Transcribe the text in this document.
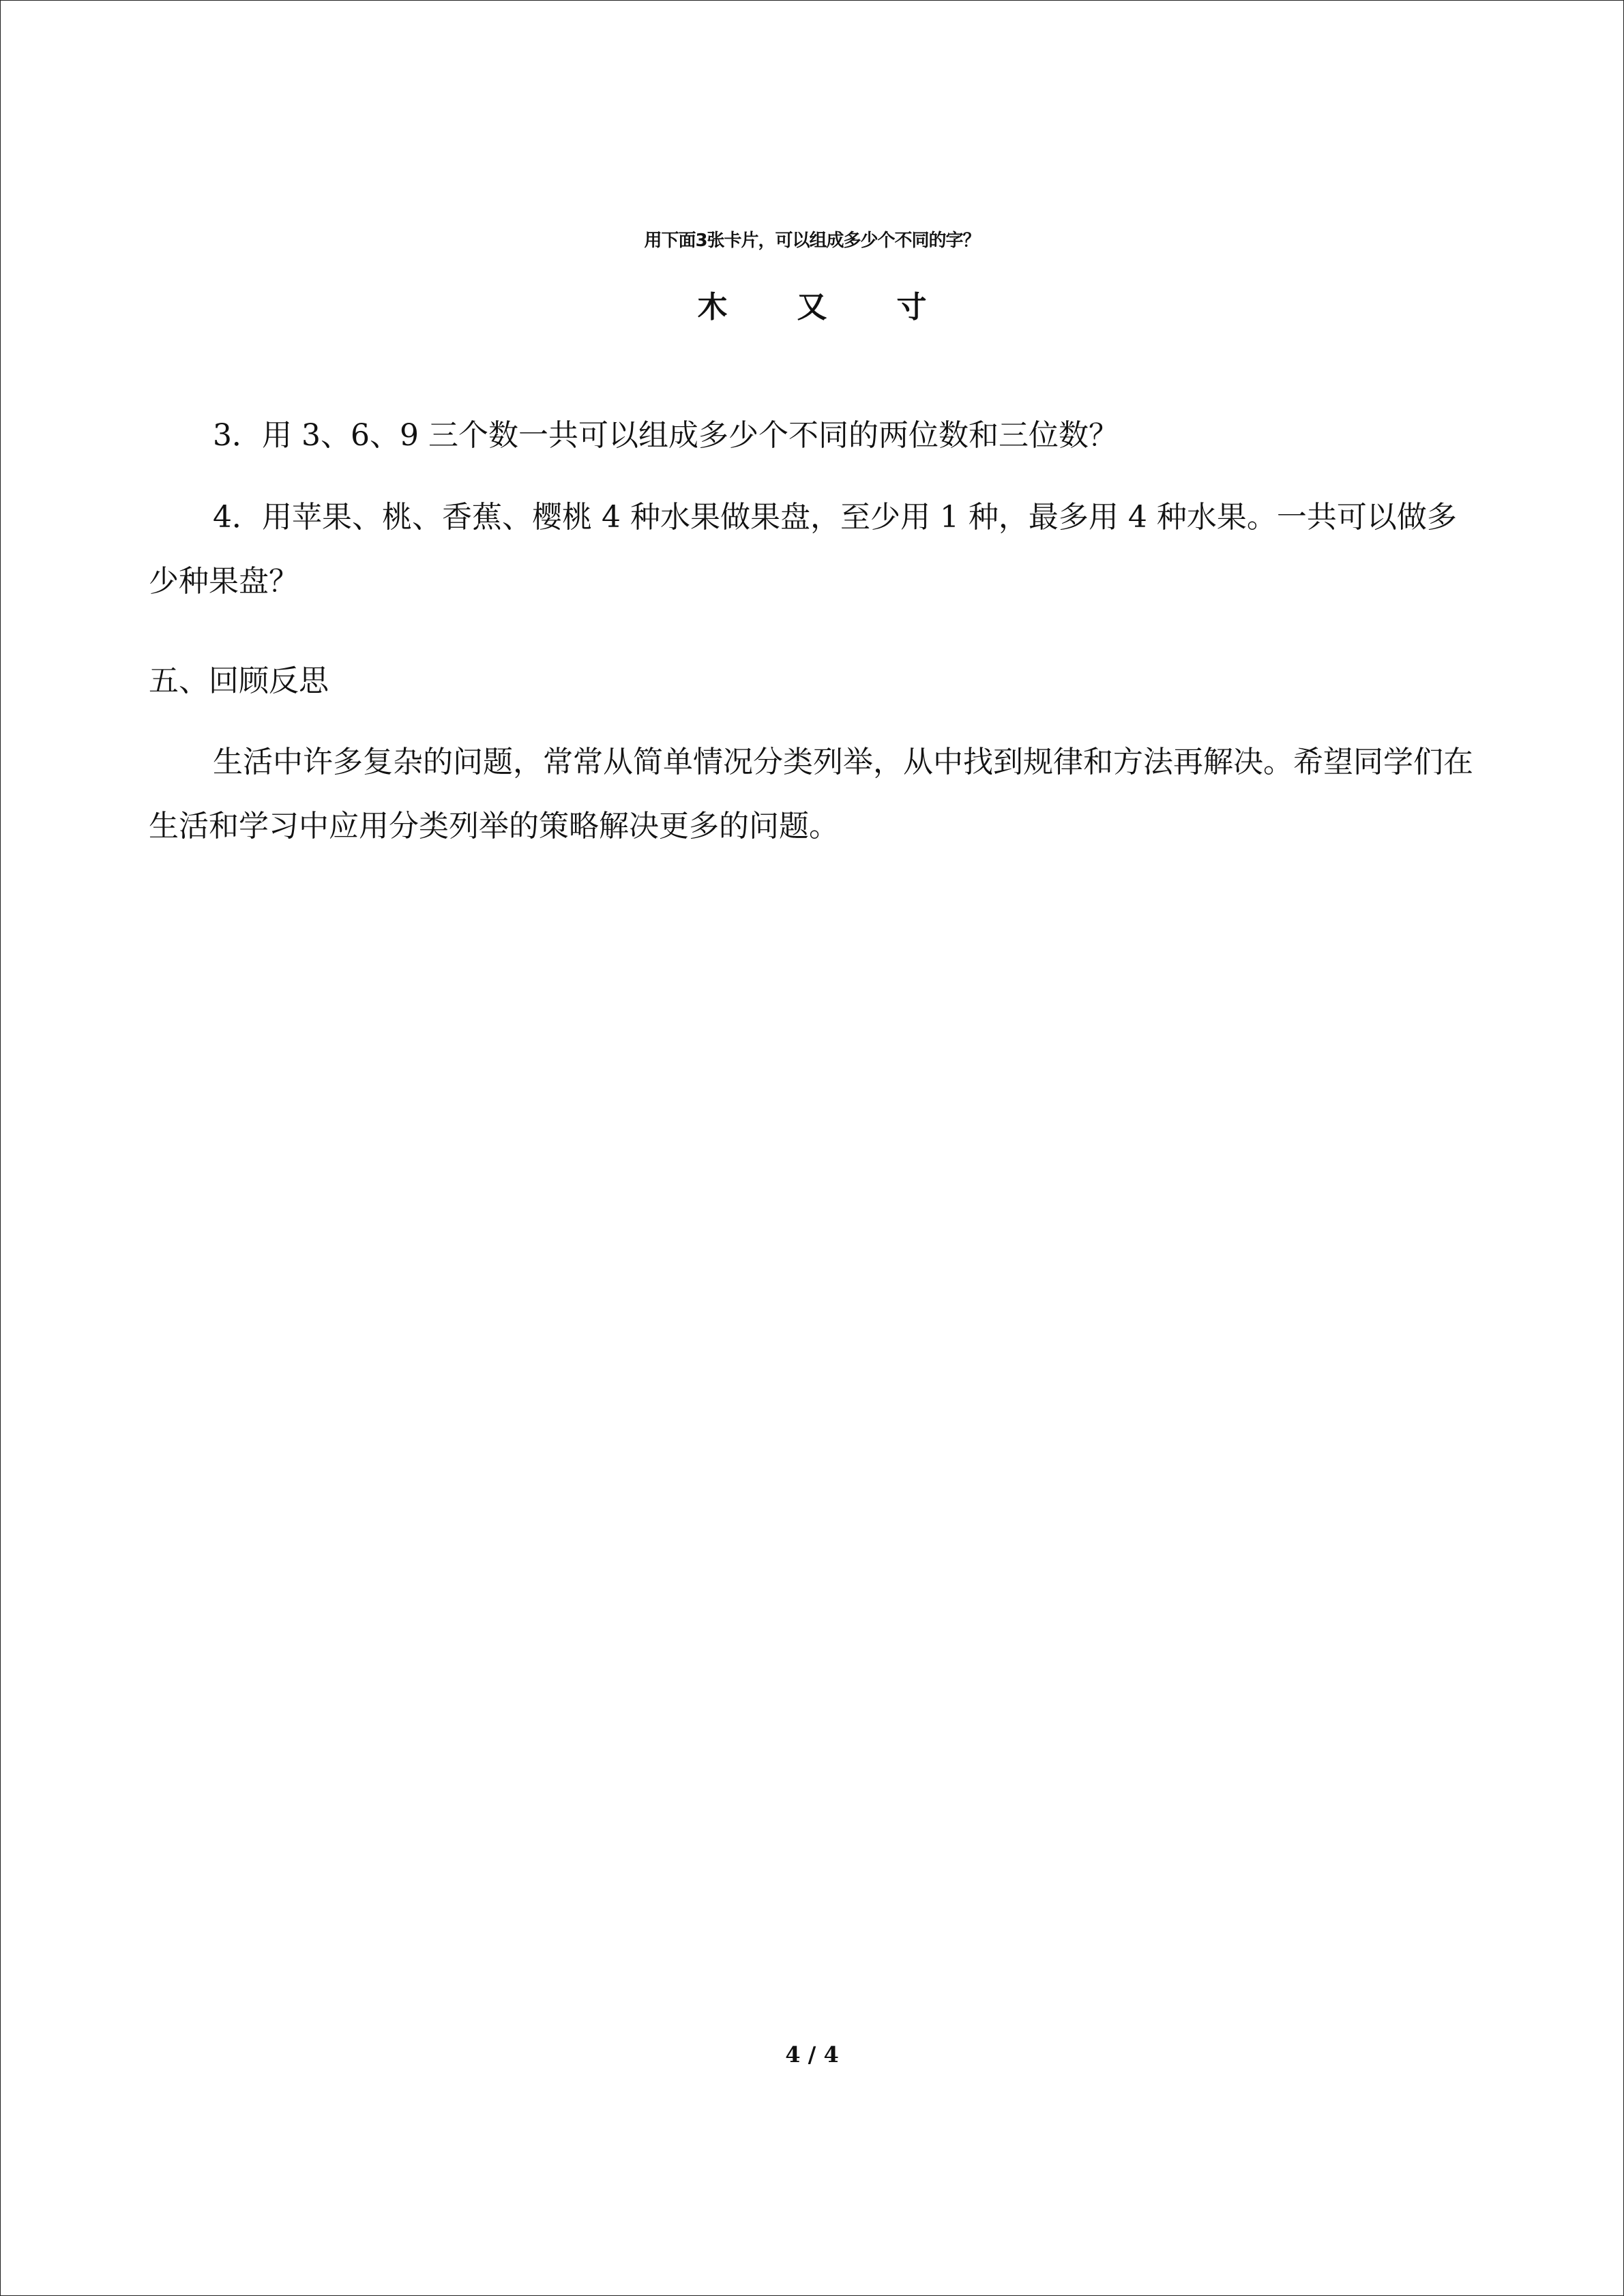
用下面3张卡片，可以组成多少个不同的字？
木 又 寸

3．用 3、6、9 三个数一共可以组成多少个不同的两位数和三位数？

4．用苹果、桃、香蕉、樱桃 4 种水果做果盘，至少用 1 种，最多用 4 种水果。一共可以做多少种果盘？

五、回顾反思

生活中许多复杂的问题，常常从简单情况分类列举，从中找到规律和方法再解决。希望同学们在生活和学习中应用分类列举的策略解决更多的问题。

4 / 4
